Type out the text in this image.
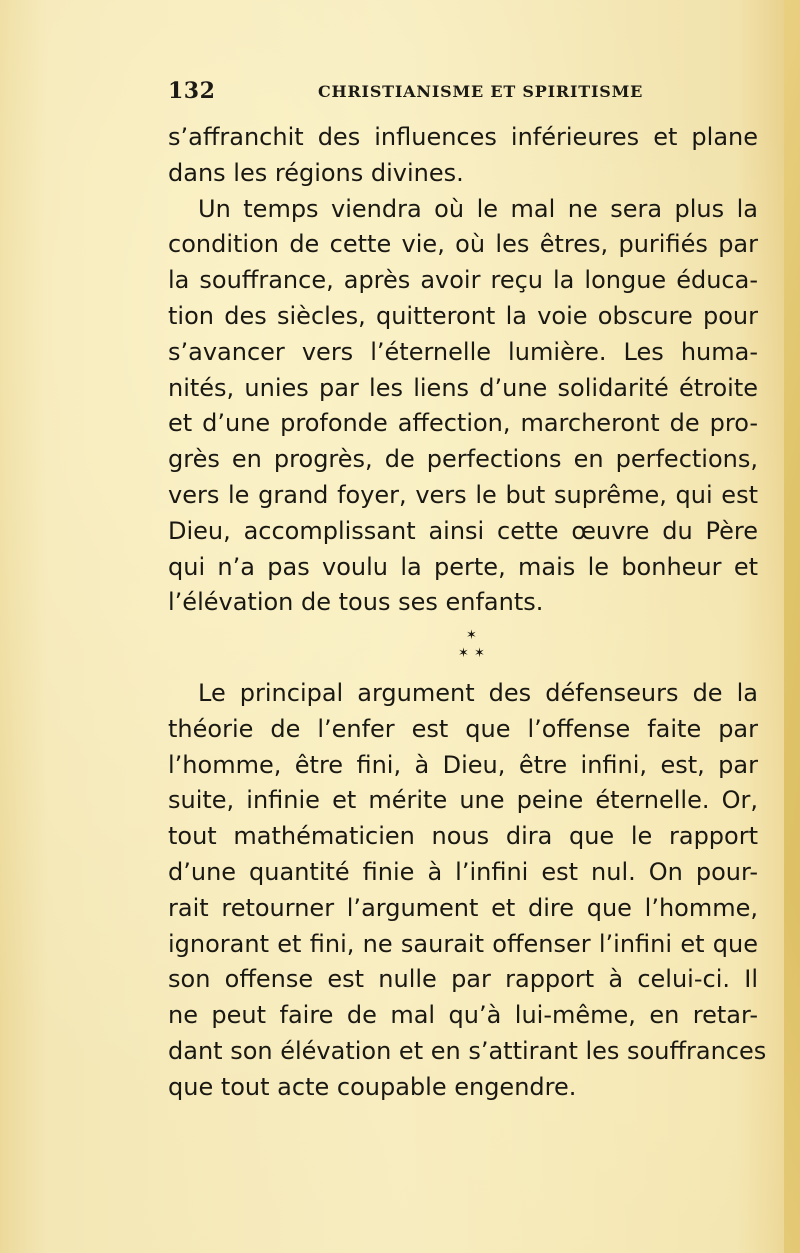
132	CHRISTIANISME ET SPIRITISME
s’affranchit des influences inférieures et plane
dans les régions divines.
Un temps viendra où le mal ne sera plus la
condition de cette vie, où les êtres, purifiés par
la souffrance, après avoir reçu la longue éduca-
tion des siècles, quitteront la voie obscure pour
s’avancer vers l’éternelle lumière. Les huma-
nités, unies par les liens d’une solidarité étroite
et d’une profonde affection, marcheront de pro-
grès en progrès, de perfections en perfections,
vers le grand foyer, vers le but suprême, qui est
Dieu, accomplissant ainsi cette œuvre du Père
qui n’a pas voulu la perte, mais le bonheur et
l’élévation de tous ses enfants.
✶
✶ ✶
Le principal argument des défenseurs de la
théorie de l’enfer est que l’offense faite par
l’homme, être fini, à Dieu, être infini, est, par
suite, infinie et mérite une peine éternelle. Or,
tout mathématicien nous dira que le rapport
d’une quantité finie à l’infini est nul. On pour-
rait retourner l’argument et dire que l’homme,
ignorant et fini, ne saurait offenser l’infini et que
son offense est nulle par rapport à celui-ci. Il
ne peut faire de mal qu’à lui-même, en retar-
dant son élévation et en s’attirant les souffrances
que tout acte coupable engendre.
